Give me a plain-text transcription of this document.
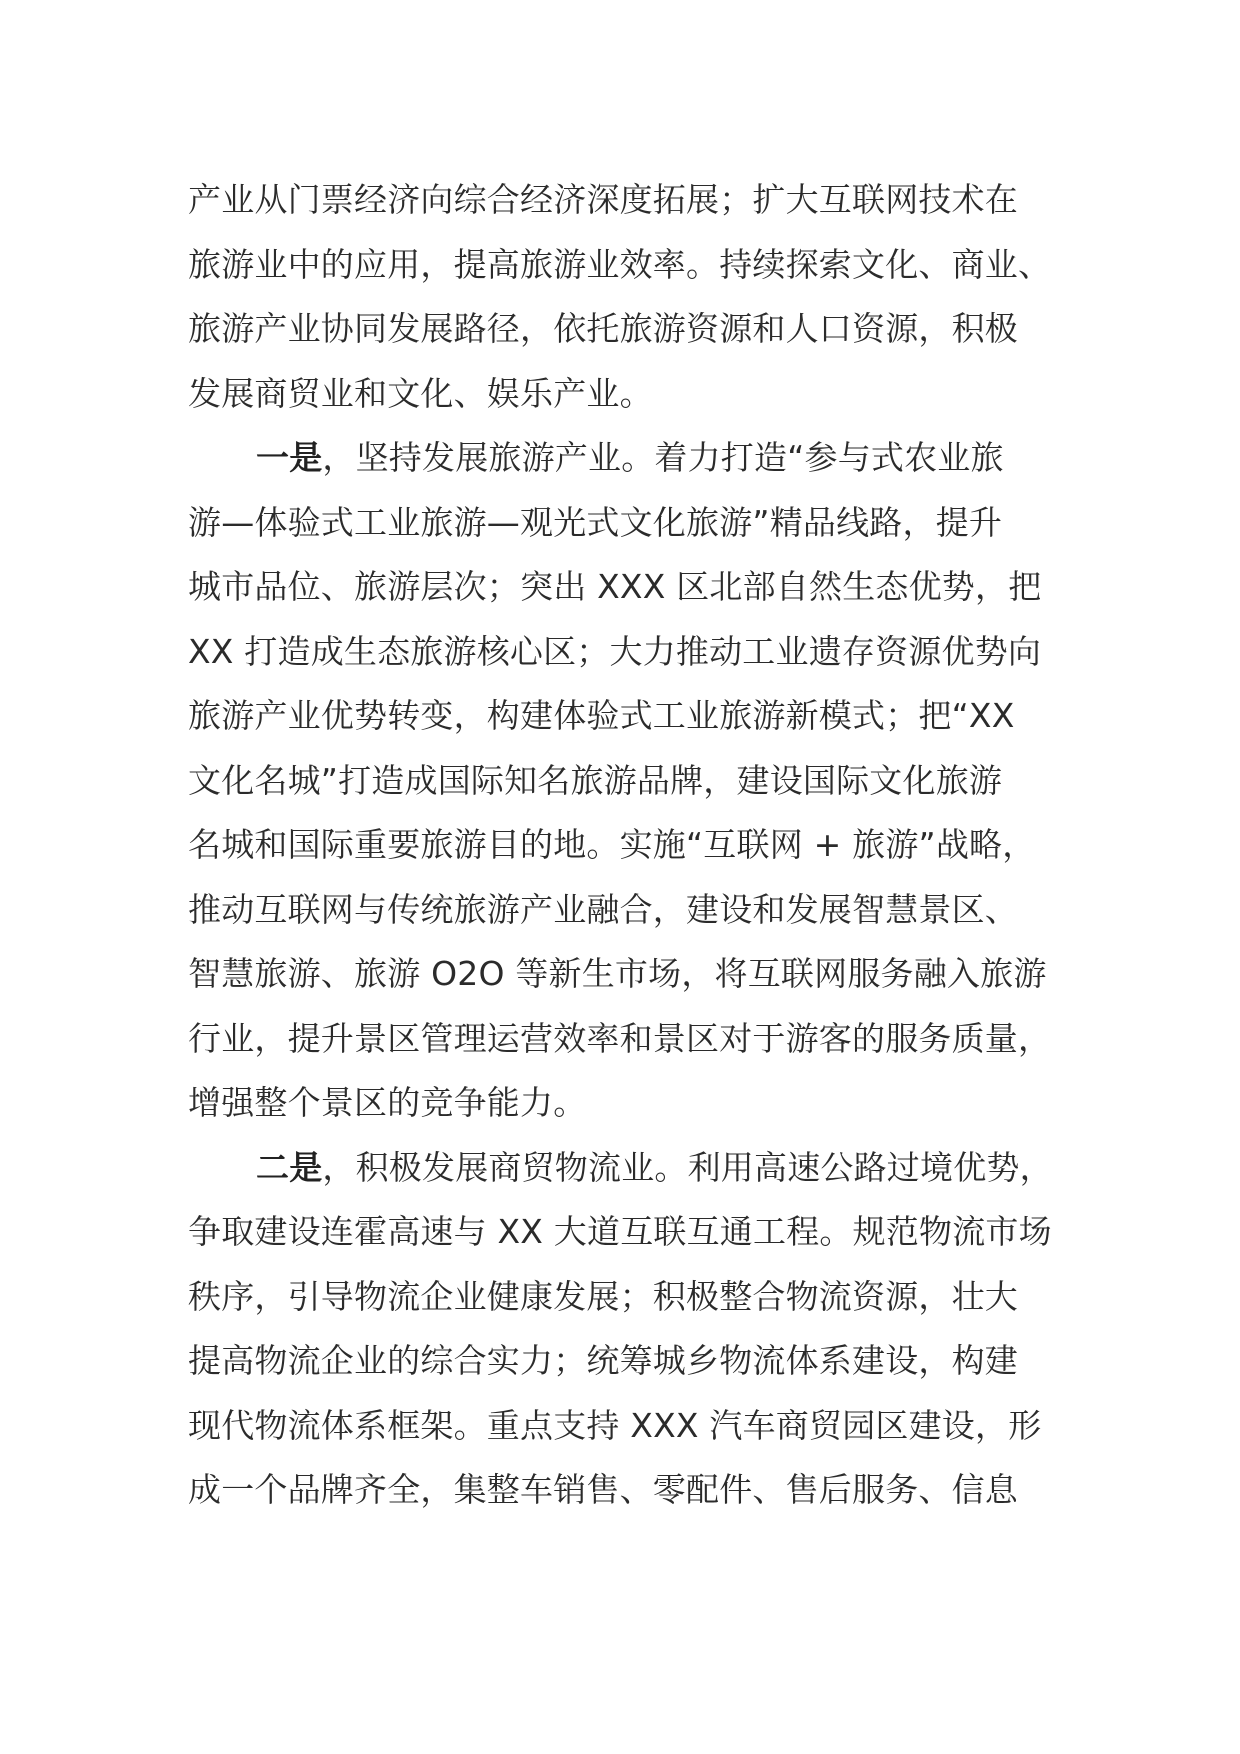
产业从门票经济向综合经济深度拓展；扩大互联网技术在
旅游业中的应用，提高旅游业效率。持续探索文化、商业、
旅游产业协同发展路径，依托旅游资源和人口资源，积极
发展商贸业和文化、娱乐产业。
一是，坚持发展旅游产业。着力打造“参与式农业旅
游—体验式工业旅游—观光式文化旅游”精品线路，提升
城市品位、旅游层次；突出 XXX 区北部自然生态优势，把
XX 打造成生态旅游核心区；大力推动工业遗存资源优势向
旅游产业优势转变，构建体验式工业旅游新模式；把“XX
文化名城”打造成国际知名旅游品牌，建设国际文化旅游
名城和国际重要旅游目的地。实施“互联网 + 旅游”战略，
推动互联网与传统旅游产业融合，建设和发展智慧景区、
智慧旅游、旅游 O2O 等新生市场，将互联网服务融入旅游
行业，提升景区管理运营效率和景区对于游客的服务质量，
增强整个景区的竞争能力。
二是，积极发展商贸物流业。利用高速公路过境优势，
争取建设连霍高速与 XX 大道互联互通工程。规范物流市场
秩序，引导物流企业健康发展；积极整合物流资源，壮大
提高物流企业的综合实力；统筹城乡物流体系建设，构建
现代物流体系框架。重点支持 XXX 汽车商贸园区建设，形
成一个品牌齐全，集整车销售、零配件、售后服务、信息
